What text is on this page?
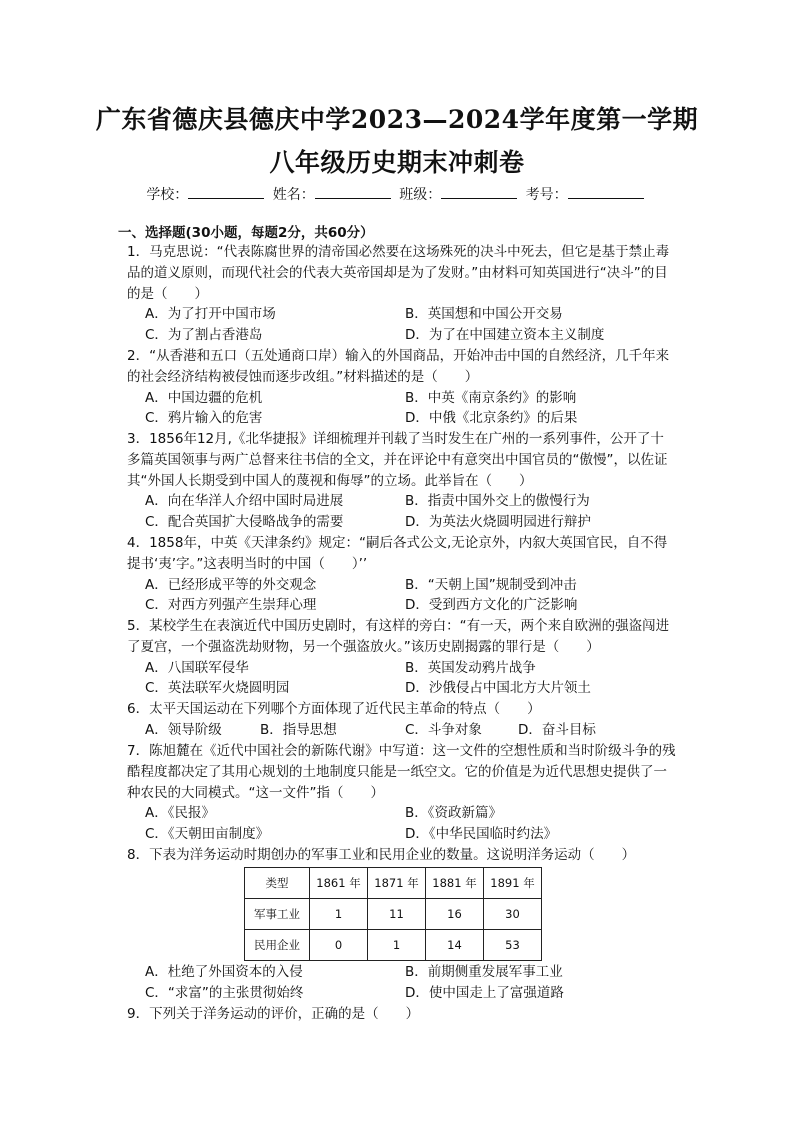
广东省德庆县德庆中学2023—2024学年度第一学期
八年级历史期末冲刺卷
学校：	姓名：	班级：	考号：
一、选择题(30小题，每题2分，共60分）
1．马克思说：“代表陈腐世界的清帝国必然要在这场殊死的决斗中死去，但它是基于禁止毒品的道义原则，而现代社会的代表大英帝国却是为了发财。”由材料可知英国进行“决斗”的目的是（　　）
A．为了打开中国市场	B．英国想和中国公开交易
C．为了割占香港岛	D．为了在中国建立资本主义制度
2．“从香港和五口（五处通商口岸）输入的外国商品，开始冲击中国的自然经济，几千年来的社会经济结构被侵蚀而逐步改组。”材料描述的是（　　）
A．中国边疆的危机	B．中英《南京条约》的影响
C．鸦片输入的危害	D．中俄《北京条约》的后果
3．1856年12月,《北华捷报》详细梳理并刊载了当时发生在广州的一系列事件，公开了十多篇英国领事与两广总督来往书信的全文，并在评论中有意突出中国官员的“傲慢”，以佐证其“外国人长期受到中国人的蔑视和侮辱”的立场。此举旨在（　　）
A．向在华洋人介绍中国时局进展	B．指责中国外交上的傲慢行为
C．配合英国扩大侵略战争的需要	D．为英法火烧圆明园进行辩护
4．1858年，中英《天津条约》规定：“嗣后各式公文,无论京外，内叙大英国官民，自不得提书‘夷’字。”这表明当时的中国（　　）’’
A．已经形成平等的外交观念	B．“天朝上国”规制受到冲击
C．对西方列强产生崇拜心理	D．受到西方文化的广泛影响
5．某校学生在表演近代中国历史剧时，有这样的旁白：“有一天，两个来自欧洲的强盗闯进了夏宫，一个强盗洗劫财物，另一个强盗放火。”该历史剧揭露的罪行是（　　）
A．八国联军侵华	B．英国发动鸦片战争
C．英法联军火烧圆明园	D．沙俄侵占中国北方大片领土
6．太平天国运动在下列哪个方面体现了近代民主革命的特点（　　）
A．领导阶级	B．指导思想	C．斗争对象	D．奋斗目标
7．陈旭麓在《近代中国社会的新陈代谢》中写道：这一文件的空想性质和当时阶级斗争的残酷程度都决定了其用心规划的土地制度只能是一纸空文。它的价值是为近代思想史提供了一种农民的大同模式。“这一文件”指（　　）
A．《民报》	B．《资政新篇》
C．《天朝田亩制度》	D．《中华民国临时约法》
8．下表为洋务运动时期创办的军事工业和民用企业的数量。这说明洋务运动（　　）
类型	1861 年	1871 年	1881 年	1891 年
军事工业	1	11	16	30
民用企业	0	1	14	53
A．杜绝了外国资本的入侵	B．前期侧重发展军事工业
C．“求富”的主张贯彻始终	D．使中国走上了富强道路
9．下列关于洋务运动的评价，正确的是（　　）
